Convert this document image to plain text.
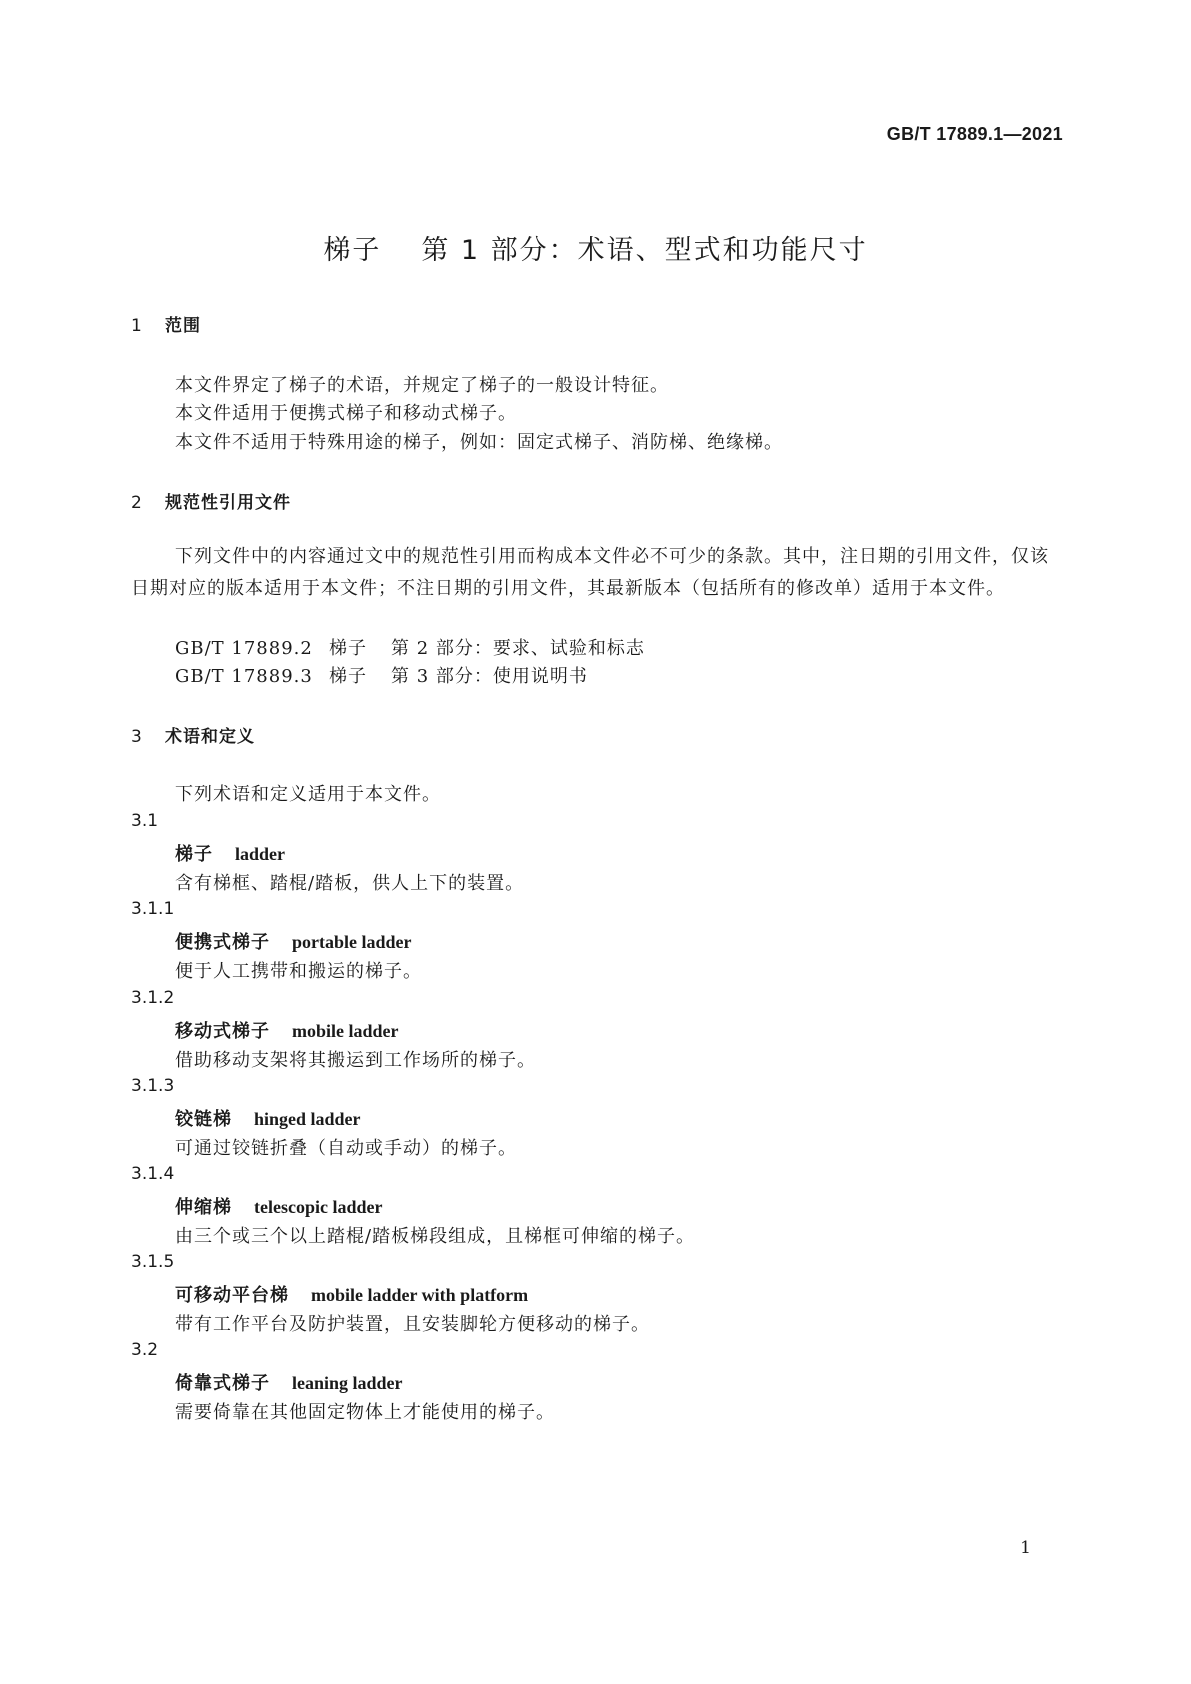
GB/T 17889.1—2021
梯子 第 1 部分：术语、型式和功能尺寸
1 范围
本文件界定了梯子的术语，并规定了梯子的一般设计特征。
本文件适用于便携式梯子和移动式梯子。
本文件不适用于特殊用途的梯子，例如：固定式梯子、消防梯、绝缘梯。
2 规范性引用文件
下列文件中的内容通过文中的规范性引用而构成本文件必不可少的条款。其中，注日期的引用文件，仅该日期对应的版本适用于本文件；不注日期的引用文件，其最新版本（包括所有的修改单）适用于本文件。
GB/T 17889.2 梯子 第 2 部分：要求、试验和标志
GB/T 17889.3 梯子 第 3 部分：使用说明书
3 术语和定义
下列术语和定义适用于本文件。
3.1
梯子 ladder
含有梯框、踏棍/踏板，供人上下的装置。
3.1.1
便携式梯子 portable ladder
便于人工携带和搬运的梯子。
3.1.2
移动式梯子 mobile ladder
借助移动支架将其搬运到工作场所的梯子。
3.1.3
铰链梯 hinged ladder
可通过铰链折叠（自动或手动）的梯子。
3.1.4
伸缩梯 telescopic ladder
由三个或三个以上踏棍/踏板梯段组成，且梯框可伸缩的梯子。
3.1.5
可移动平台梯 mobile ladder with platform
带有工作平台及防护装置，且安装脚轮方便移动的梯子。
3.2
倚靠式梯子 leaning ladder
需要倚靠在其他固定物体上才能使用的梯子。
1
